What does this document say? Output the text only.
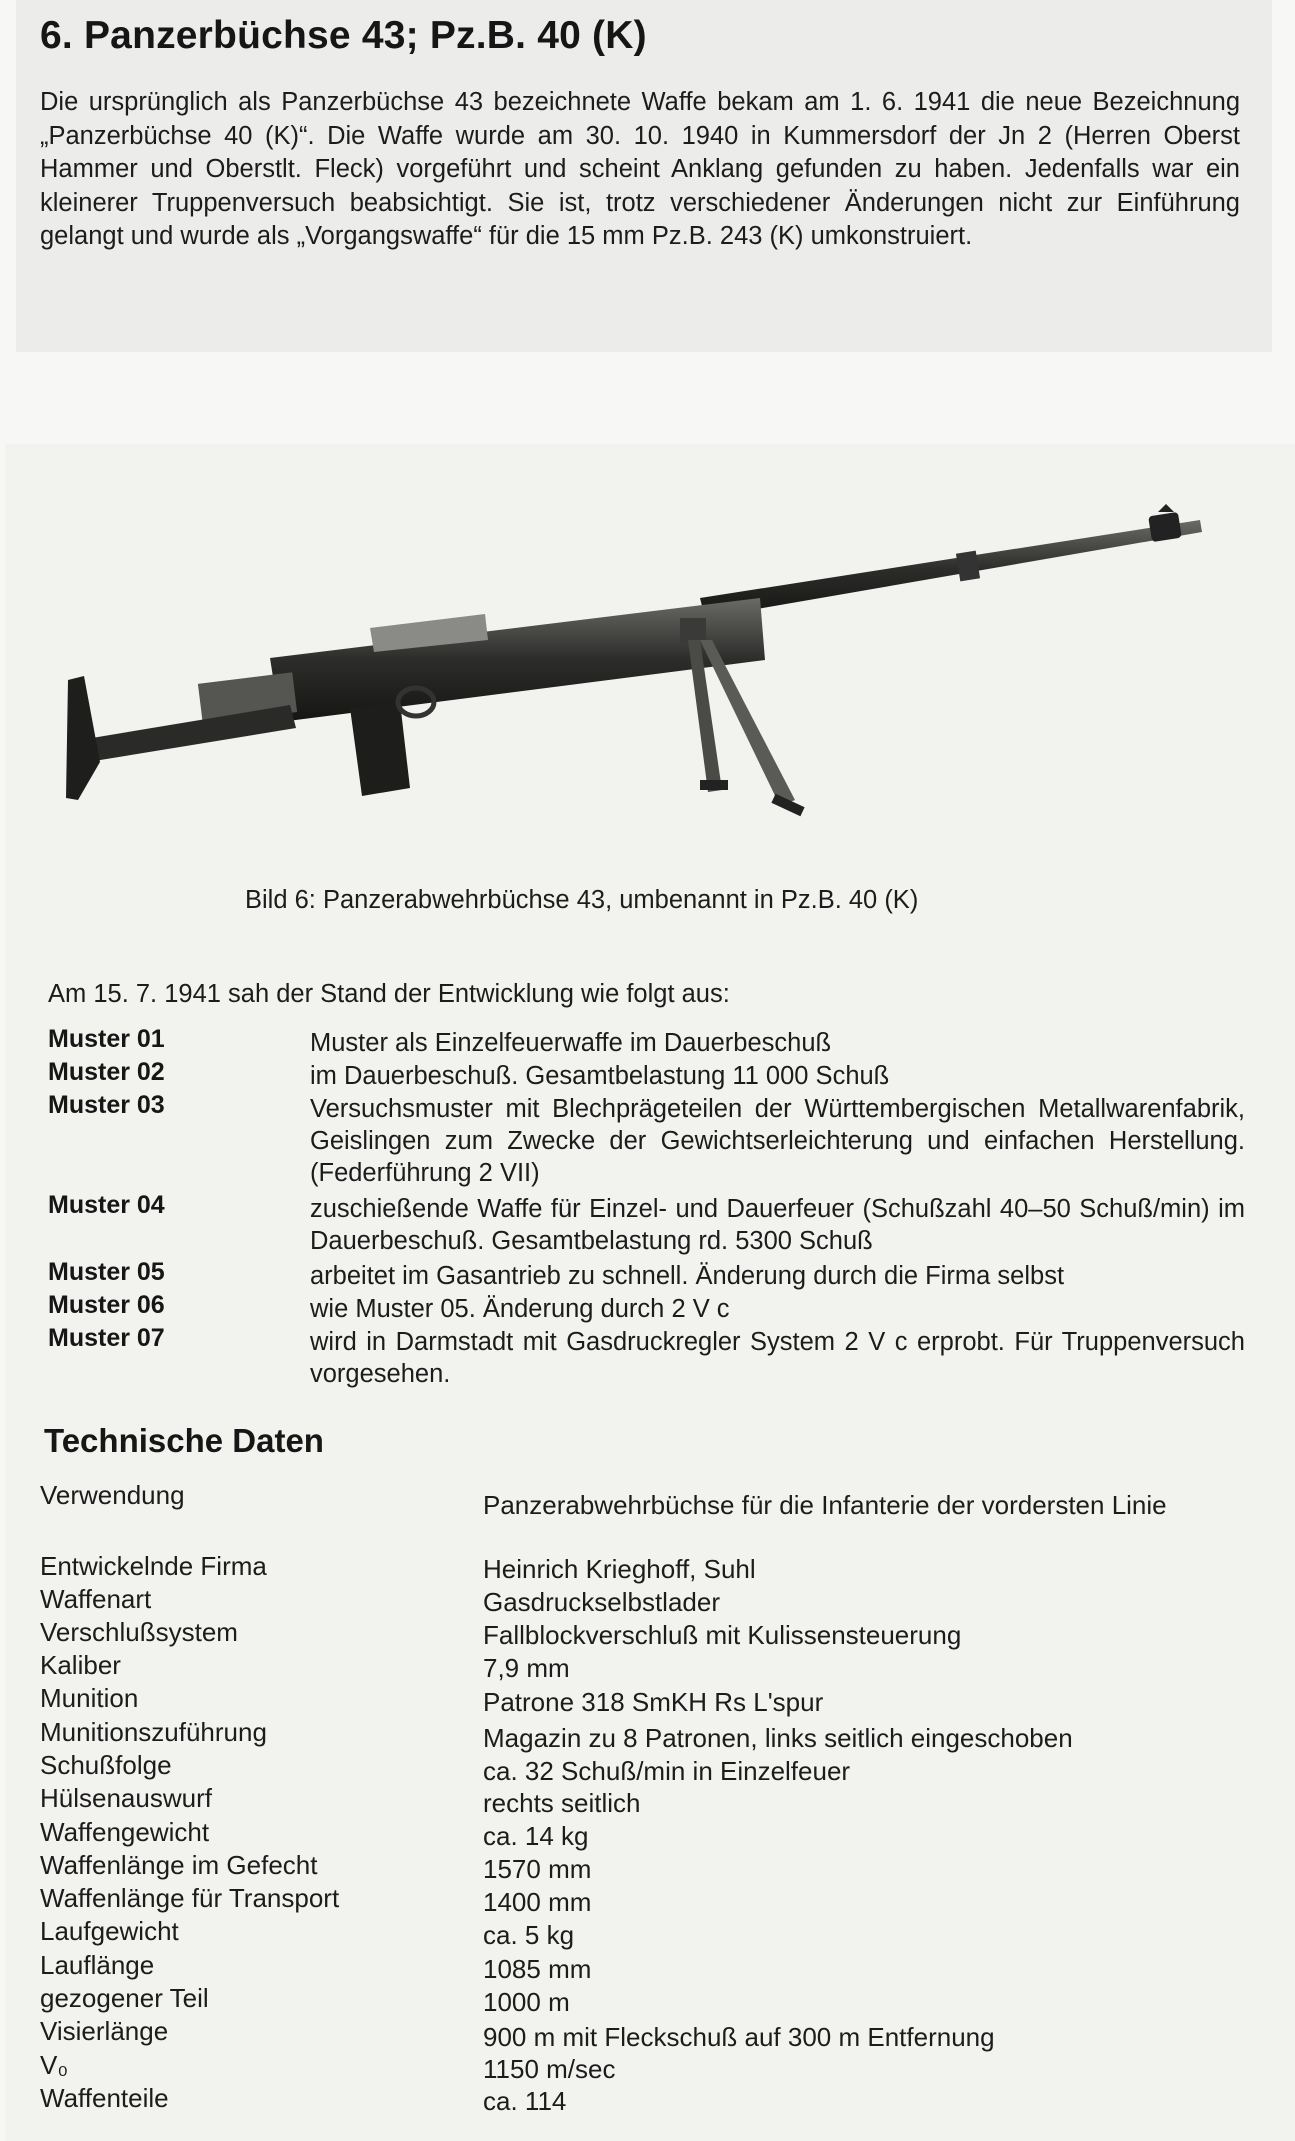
6. Panzerbüchse 43; Pz.B. 40 (K)

Die ursprünglich als Panzerbüchse 43 bezeichnete Waffe bekam am 1. 6. 1941 die neue Bezeichnung „Panzerbüchse 40 (K)“. Die Waffe wurde am 30. 10. 1940 in Kummersdorf der Jn 2 (Herren Oberst Hammer und Oberstlt. Fleck) vorgeführt und scheint Anklang gefunden zu haben. Jedenfalls war ein kleinerer Truppenversuch beabsichtigt. Sie ist, trotz verschiedener Änderungen nicht zur Einführung gelangt und wurde als „Vorgangswaffe“ für die 15 mm Pz.B. 243 (K) umkonstruiert.

Bild 6: Panzerabwehrbüchse 43, umbenannt in Pz.B. 40 (K)

Am 15. 7. 1941 sah der Stand der Entwicklung wie folgt aus:

Muster 01	Muster als Einzelfeuerwaffe im Dauerbeschuß
Muster 02	im Dauerbeschuß. Gesamtbelastung 11 000 Schuß
Muster 03	Versuchsmuster mit Blechprägeteilen der Württembergischen Metallwarenfabrik, Geislingen zum Zwecke der Gewichtserleichterung und einfachen Herstellung. (Federführung 2 VII)
Muster 04	zuschießende Waffe für Einzel- und Dauerfeuer (Schußzahl 40–50 Schuß/min) im Dauerbeschuß. Gesamtbelastung rd. 5300 Schuß
Muster 05	arbeitet im Gasantrieb zu schnell. Änderung durch die Firma selbst
Muster 06	wie Muster 05. Änderung durch 2 V c
Muster 07	wird in Darmstadt mit Gasdruckregler System 2 V c erprobt. Für Truppenversuch vorgesehen.
Technische Daten
Verwendung	Panzerabwehrbüchse für die Infanterie der vordersten Linie
Entwickelnde Firma	Heinrich Krieghoff, Suhl
Waffenart	Gasdruckselbstlader
Verschlußsystem	Fallblockverschluß mit Kulissensteuerung
Kaliber	7,9 mm
Munition	Patrone 318 SmKH Rs L'spur
Munitionszuführung	Magazin zu 8 Patronen, links seitlich eingeschoben
Schußfolge	ca. 32 Schuß/min in Einzelfeuer
Hülsenauswurf	rechts seitlich
Waffengewicht	ca. 14 kg
Waffenlänge im Gefecht	1570 mm
Waffenlänge für Transport	1400 mm
Laufgewicht	ca. 5 kg
Lauflänge	1085 mm
gezogener Teil	1000 m
Visierlänge	900 m mit Fleckschuß auf 300 m Entfernung
V₀	1150 m/sec
Waffenteile	ca. 114
